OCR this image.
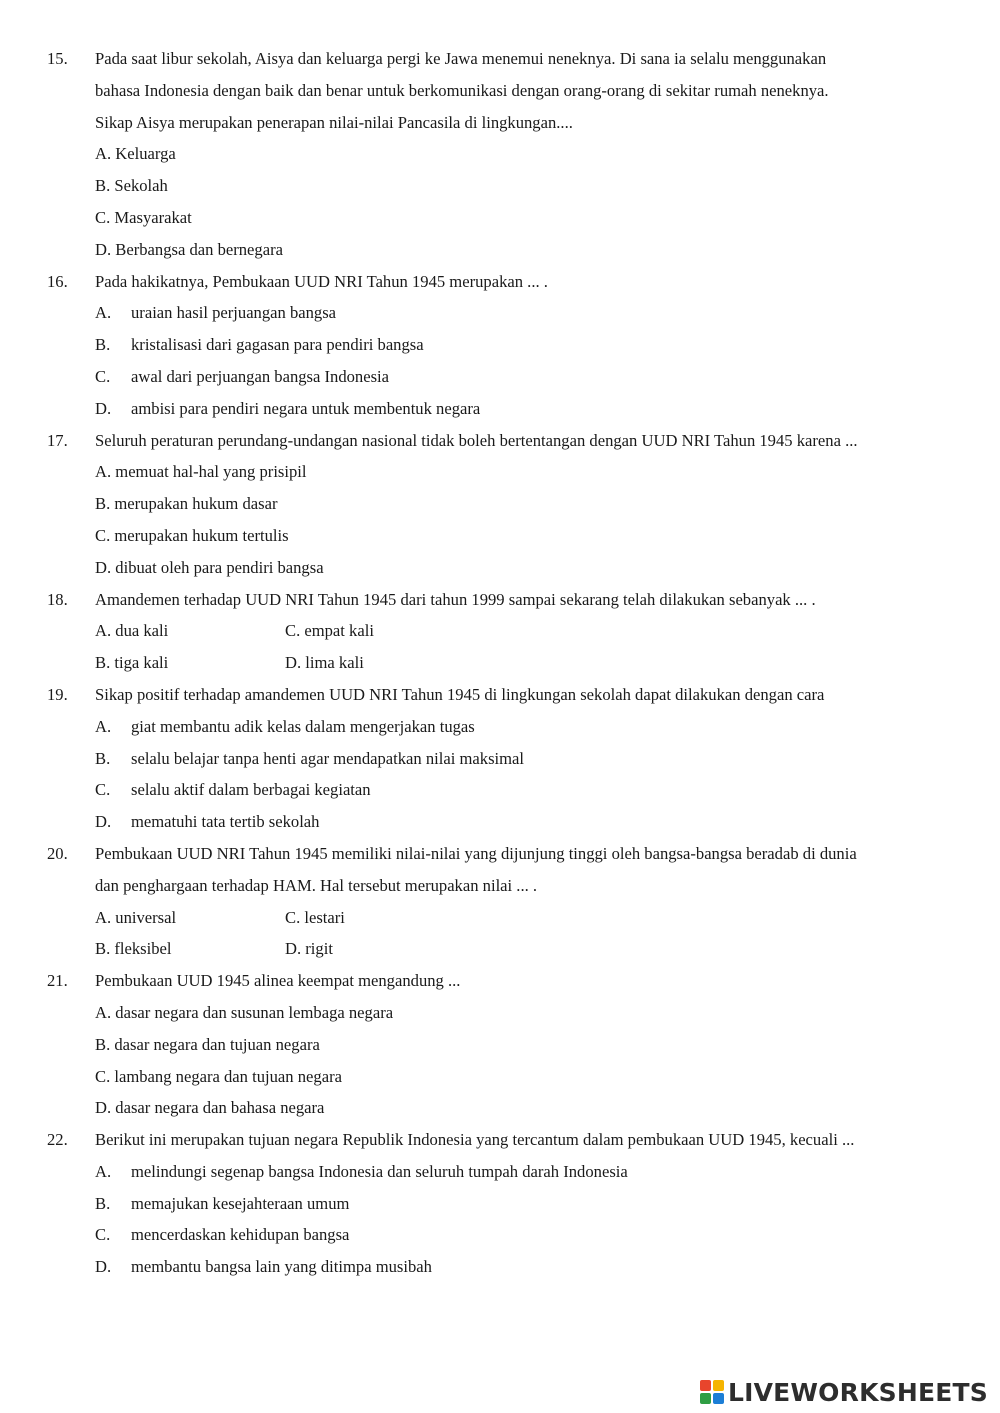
15. Pada saat libur sekolah, Aisya dan keluarga pergi ke Jawa menemui neneknya. Di sana ia selalu menggunakan
bahasa Indonesia dengan baik dan benar untuk berkomunikasi dengan orang-orang di sekitar rumah neneknya.
Sikap Aisya merupakan penerapan nilai-nilai Pancasila di lingkungan....
A. Keluarga
B. Sekolah
C. Masyarakat
D. Berbangsa dan bernegara
16. Pada hakikatnya, Pembukaan UUD NRI Tahun 1945 merupakan ... .
A. uraian hasil perjuangan bangsa
B. kristalisasi dari gagasan para pendiri bangsa
C. awal dari perjuangan bangsa Indonesia
D. ambisi para pendiri negara untuk membentuk negara
17. Seluruh peraturan perundang-undangan nasional tidak boleh bertentangan dengan UUD NRI Tahun 1945 karena ...
A. memuat hal-hal yang prisipil
B. merupakan hukum dasar
C. merupakan hukum tertulis
D. dibuat oleh para pendiri bangsa
18. Amandemen terhadap UUD NRI Tahun 1945 dari tahun 1999 sampai sekarang telah dilakukan sebanyak ... .
A. dua kali	C. empat kali
B. tiga kali	D. lima kali
19. Sikap positif terhadap amandemen UUD NRI Tahun 1945 di lingkungan sekolah dapat dilakukan dengan cara
A. giat membantu adik kelas dalam mengerjakan tugas
B. selalu belajar tanpa henti agar mendapatkan nilai maksimal
C. selalu aktif dalam berbagai kegiatan
D. mematuhi tata tertib sekolah
20. Pembukaan UUD NRI Tahun 1945 memiliki nilai-nilai yang dijunjung tinggi oleh bangsa-bangsa beradab di dunia
dan penghargaan terhadap HAM. Hal tersebut merupakan nilai ... .
A. universal	C. lestari
B. fleksibel	D. rigit
21. Pembukaan UUD 1945 alinea keempat mengandung ...
A. dasar negara dan susunan lembaga negara
B. dasar negara dan tujuan negara
C. lambang negara dan tujuan negara
D. dasar negara dan bahasa negara
22. Berikut ini merupakan tujuan negara Republik Indonesia yang tercantum dalam pembukaan UUD 1945, kecuali ...
A. melindungi segenap bangsa Indonesia dan seluruh tumpah darah Indonesia
B. memajukan kesejahteraan umum
C. mencerdaskan kehidupan bangsa
D. membantu bangsa lain yang ditimpa musibah
LIVEWORKSHEETS
